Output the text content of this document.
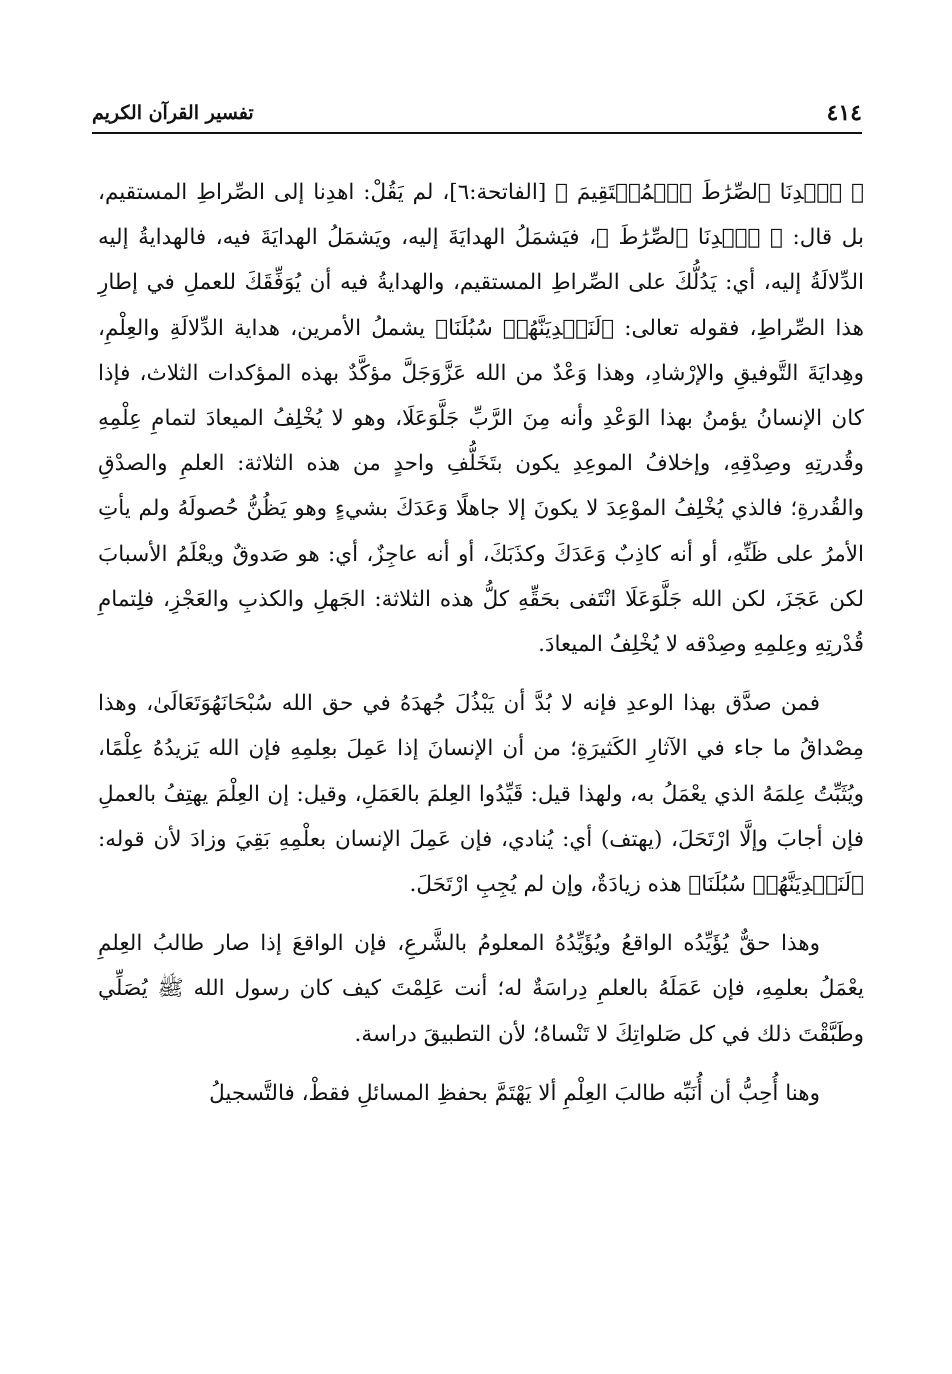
٤١٤
تفسير القرآن الكريم

﴿ ٱهۡدِنَا ٱلصِّرَٰطَ ٱلۡمُسۡتَقِيمَ ﴾ [الفاتحة:٦]، لم يَقُلْ: اهدِنا إلى الصِّراطِ المستقيم، بل قال: ﴿ ٱهۡدِنَا ٱلصِّرَٰطَ ﴾، فيَشمَلُ الهدايَةَ إليه، ويَشمَلُ الهدايَةَ فيه، فالهدايةُ إليه الدِّلالَةُ إليه، أي: يَدُلُّكَ على الصِّراطِ المستقيم، والهدايةُ فيه أن يُوَفِّقَكَ للعملِ في إطارِ هذا الصِّراطِ، فقوله تعالى: ﴿لَنَهۡدِيَنَّهُمۡ سُبُلَنَا﴾ يشملُ الأمرين، هداية الدِّلالَةِ والعِلْمِ، وهِدايَةَ التَّوفيقِ والإرْشادِ، وهذا وَعْدٌ من الله عَزَّوَجَلَّ مؤكَّدٌ بهذه المؤكدات الثلاث، فإذا كان الإنسانُ يؤمنُ بهذا الوَعْدِ وأنه مِنَ الرَّبِّ جَلَّوَعَلَا، وهو لا يُخْلِفُ الميعادَ لتمامِ عِلْمِهِ وقُدرتِهِ وصِدْقِهِ، وإخلافُ الموعِدِ يكون بتَخَلُّفِ واحدٍ من هذه الثلاثة: العلمِ والصدْقِ والقُدرةِ؛ فالذي يُخْلِفُ الموْعِدَ لا يكونَ إلا جاهلًا وَعَدَكَ بشيءٍ وهو يَظُنُّ حُصولَهُ ولم يأتِ الأمرُ على ظَنِّهِ، أو أنه كاذِبٌ وَعَدَكَ وكذَبَكَ، أو أنه عاجِزٌ، أي: هو صَدوقٌ ويعْلَمُ الأسبابَ لكن عَجَزَ، لكن الله جَلَّوَعَلَا انْتَفى بحَقِّهِ كلُّ هذه الثلاثة: الجَهلِ والكذبِ والعَجْزِ، فلِتمامِ قُدْرتِهِ وعِلمِهِ وصِدْقه لا يُخْلِفُ الميعادَ.

فمن صدَّق بهذا الوعدِ فإنه لا بُدَّ أن يَبْذُلَ جُهدَهُ في حق الله سُبْحَانَهُوَتَعَالَىٰ، وهذا مِصْداقُ ما جاء في الآثارِ الكَثيرَةِ؛ من أن الإنسانَ إذا عَمِلَ بعِلمِهِ فإن الله يَزيدُهُ عِلْمًا، ويُثَبِّتُ عِلمَهُ الذي يعْمَلُ به، ولهذا قيل: قَيِّدُوا العِلمَ بالعَمَلِ، وقيل: إن العِلْمَ يهتِفُ بالعملِ فإن أجابَ وإلَّا ارْتَحَلَ، (يهتف) أي: يُنادي، فإن عَمِلَ الإنسان بعلْمِهِ بَقِيَ وزادَ لأن قوله: ﴿لَنَهۡدِيَنَّهُمۡ سُبُلَنَا﴾ هذه زيادَةٌ، وإن لم يُجِبِ ارْتَحَلَ.

وهذا حقٌّ يُؤَيِّدُه الواقعُ ويُؤَيِّدُهُ المعلومُ بالشَّرعِ، فإن الواقعَ إذا صار طالبُ العِلمِ يعْمَلُ بعلمِهِ، فإن عَمَلَهُ بالعلمِ دِراسَةٌ له؛ أنت عَلِمْتَ كيف كان رسول الله ﷺ يُصَلِّي وطَبَّقْتَ ذلك في كل صَلواتِكَ لا تَنْساهُ؛ لأن التطبيقَ دراسة.

وهنا أُحِبُّ أن أُنَبِّه طالبَ العِلْمِ ألا يَهْتَمَّ بحفظِ المسائلِ فقطْ، فالتَّسجيلُ
